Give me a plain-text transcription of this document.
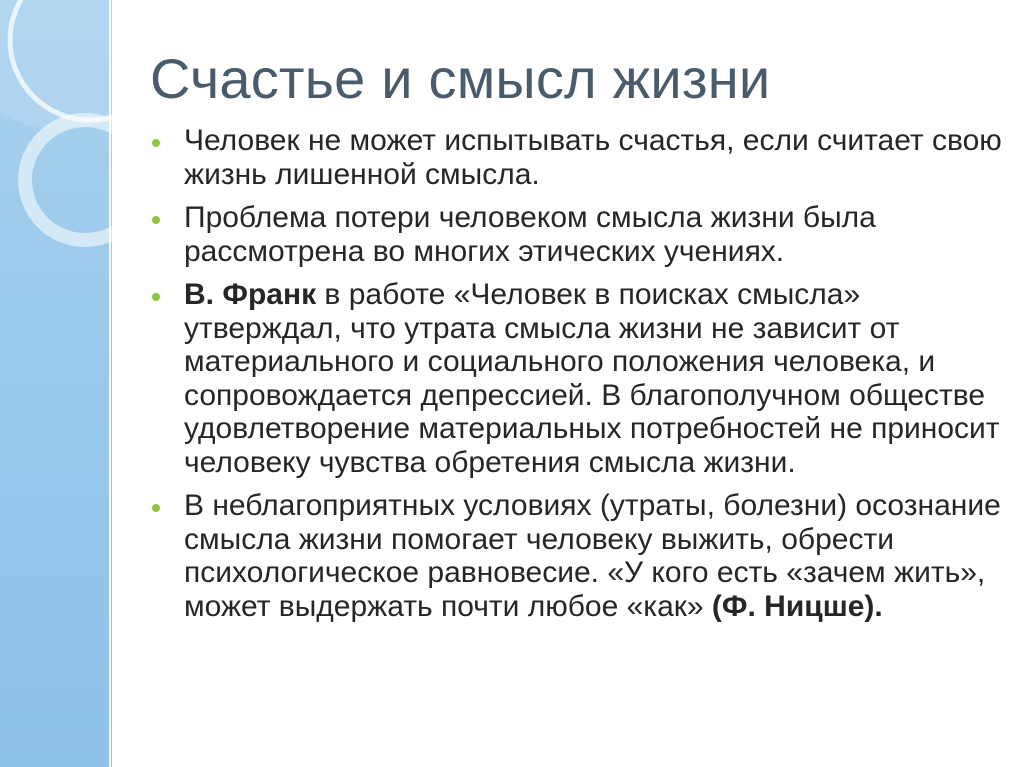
Счастье и смысл жизни
Человек не может испытывать счастья, если считает свою жизнь лишенной смысла.
Проблема потери человеком смысла жизни была рассмотрена во многих этических учениях.
В. Франк в работе «Человек в поисках смысла» утверждал, что утрата смысла жизни не зависит от материального и социального положения человека, и сопровождается депрессией. В благополучном обществе удовлетворение материальных потребностей не приносит человеку чувства обретения смысла жизни.
В неблагоприятных условиях (утраты, болезни) осознание смысла жизни помогает человеку выжить, обрести психологическое равновесие. «У кого есть «зачем жить», может выдержать почти любое «как» (Ф. Ницше).
